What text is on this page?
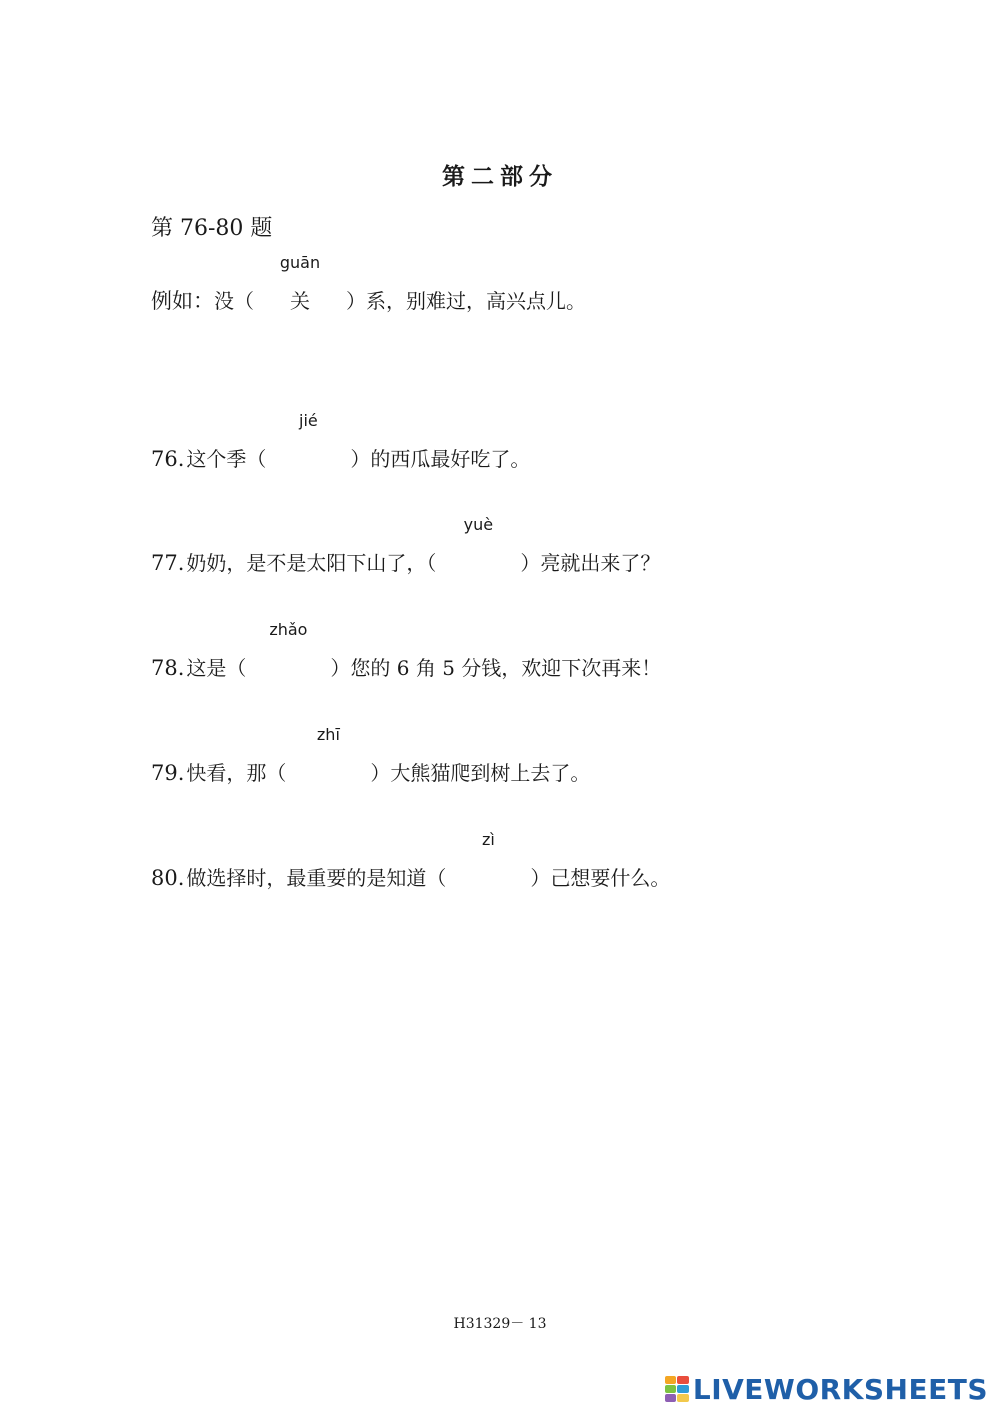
第二部分
第 76-80 题
例如：没（
guān
关 ）系，别难过，高兴点儿。
76. 这个季（
jié
）的西瓜最好吃了。
77. 奶奶，是不是太阳下山了，（
yuè
）亮就出来了？
78. 这是（
zhǎo
）您的 6 角 5 分钱，欢迎下次再来！
79. 快看，那（
zhī
）大熊猫爬到树上去了。
80. 做选择时，最重要的是知道（
zì
）己想要什么。
H31329－ 13
LIVEWORKSHEETS
